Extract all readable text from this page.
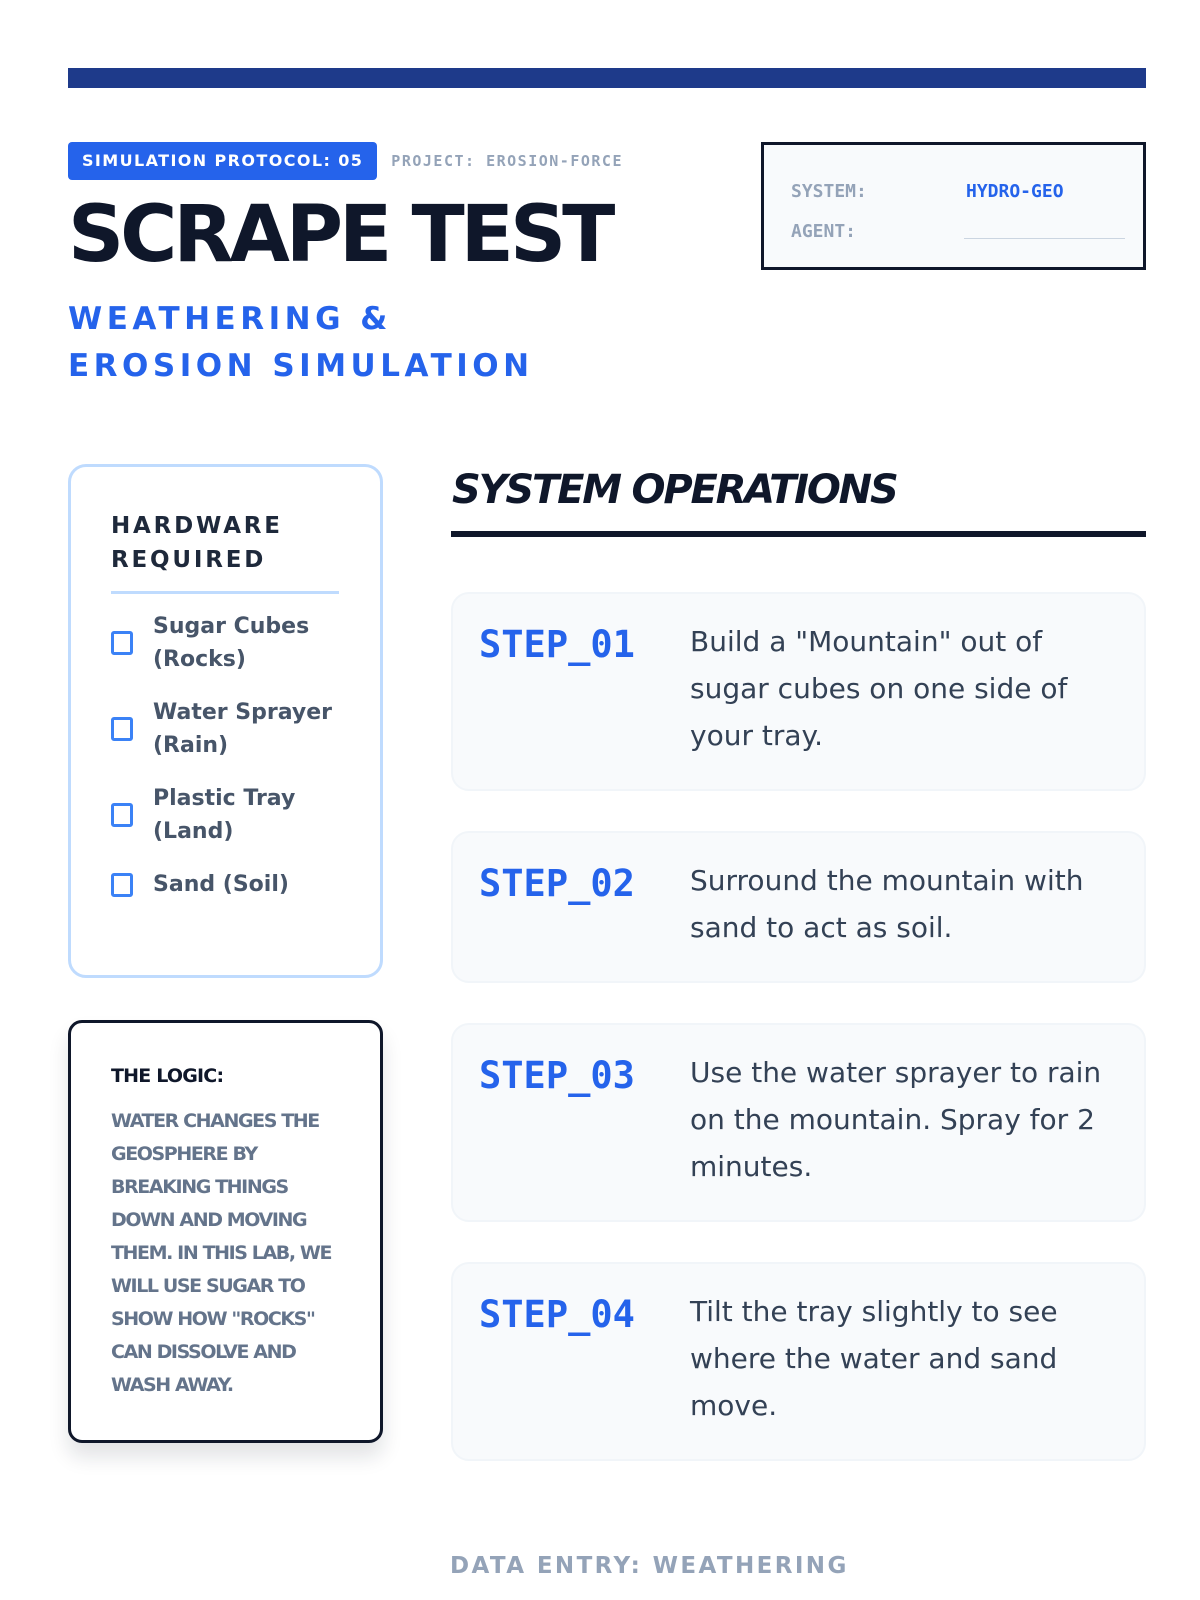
SIMULATION PROTOCOL: 05	PROJECT: EROSION-FORCE
SCRAPE TEST
WEATHERING & EROSION SIMULATION
SYSTEM:	HYDRO-GEO
AGENT:
HARDWARE REQUIRED
Sugar Cubes (Rocks)
Water Sprayer (Rain)
Plastic Tray (Land)
Sand (Soil)
THE LOGIC:

WATER CHANGES THE GEOSPHERE BY BREAKING THINGS DOWN AND MOVING THEM. IN THIS LAB, WE WILL USE SUGAR TO SHOW HOW "ROCKS" CAN DISSOLVE AND WASH AWAY.

SYSTEM OPERATIONS
STEP_01 Build a "Mountain" out of sugar cubes on one side of your tray.

STEP_02 Surround the mountain with sand to act as soil.

STEP_03 Use the water sprayer to rain on the mountain. Spray for 2 minutes.

STEP_04 Tilt the tray slightly to see where the water and sand move.

DATA ENTRY: WEATHERING
